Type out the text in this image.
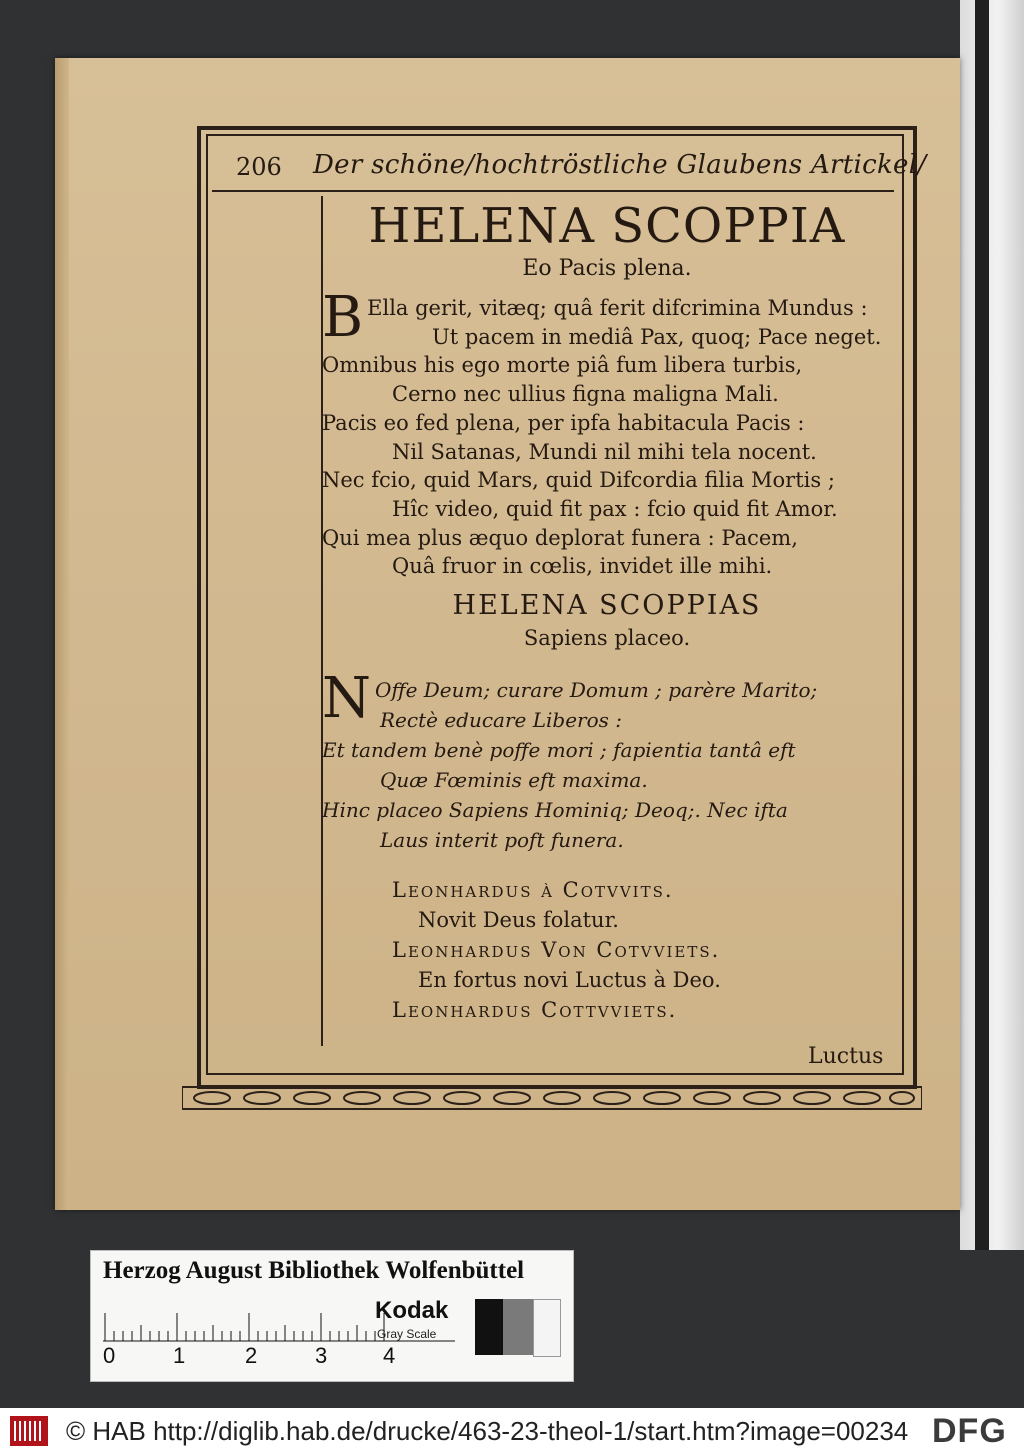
206 Der schöne/hochtröstliche Glaubens Artickel/
HELENA SCOPPIA
Eo Pacis plena.
B Ella gerit, vitæq; quâ ferit difcrimina Mundus :
Ut pacem in mediâ Pax, quoq; Pace neget.
Omnibus his ego morte piâ fum libera turbis,
Cerno nec ullius figna maligna Mali.
Pacis eo fed plena, per ipfa habitacula Pacis :
Nil Satanas, Mundi nil mihi tela nocent.
Nec fcio, quid Mars, quid Difcordia filia Mortis ;
Hîc video, quid fit pax : fcio quid fit Amor.
Qui mea plus æquo deplorat funera : Pacem,
Quâ fruor in cœlis, invidet ille mihi.
HELENA SCOPPIAS
Sapiens placeo.
N Offe Deum; curare Domum ; parère Marito;
Rectè educare Liberos :
Et tandem benè poffe mori ; fapientia tantâ eft
Quæ Fœminis eft maxima.
Hinc placeo Sapiens Hominiq; Deoq;. Nec ifta
Laus interit poft funera.
Leonhardus à Cotvvits.
Novit Deus folatur.
Leonhardus Von Cotvviets.
En fortus novi Luctus à Deo.
Leonhardus Cottvviets.
Luctus
Herzog August Bibliothek Wolfenbüttel
0	1	2	3	4
Kodak
Gray Scale
© HAB http://diglib.hab.de/drucke/463-23-theol-1/start.htm?image=00234 DFG
